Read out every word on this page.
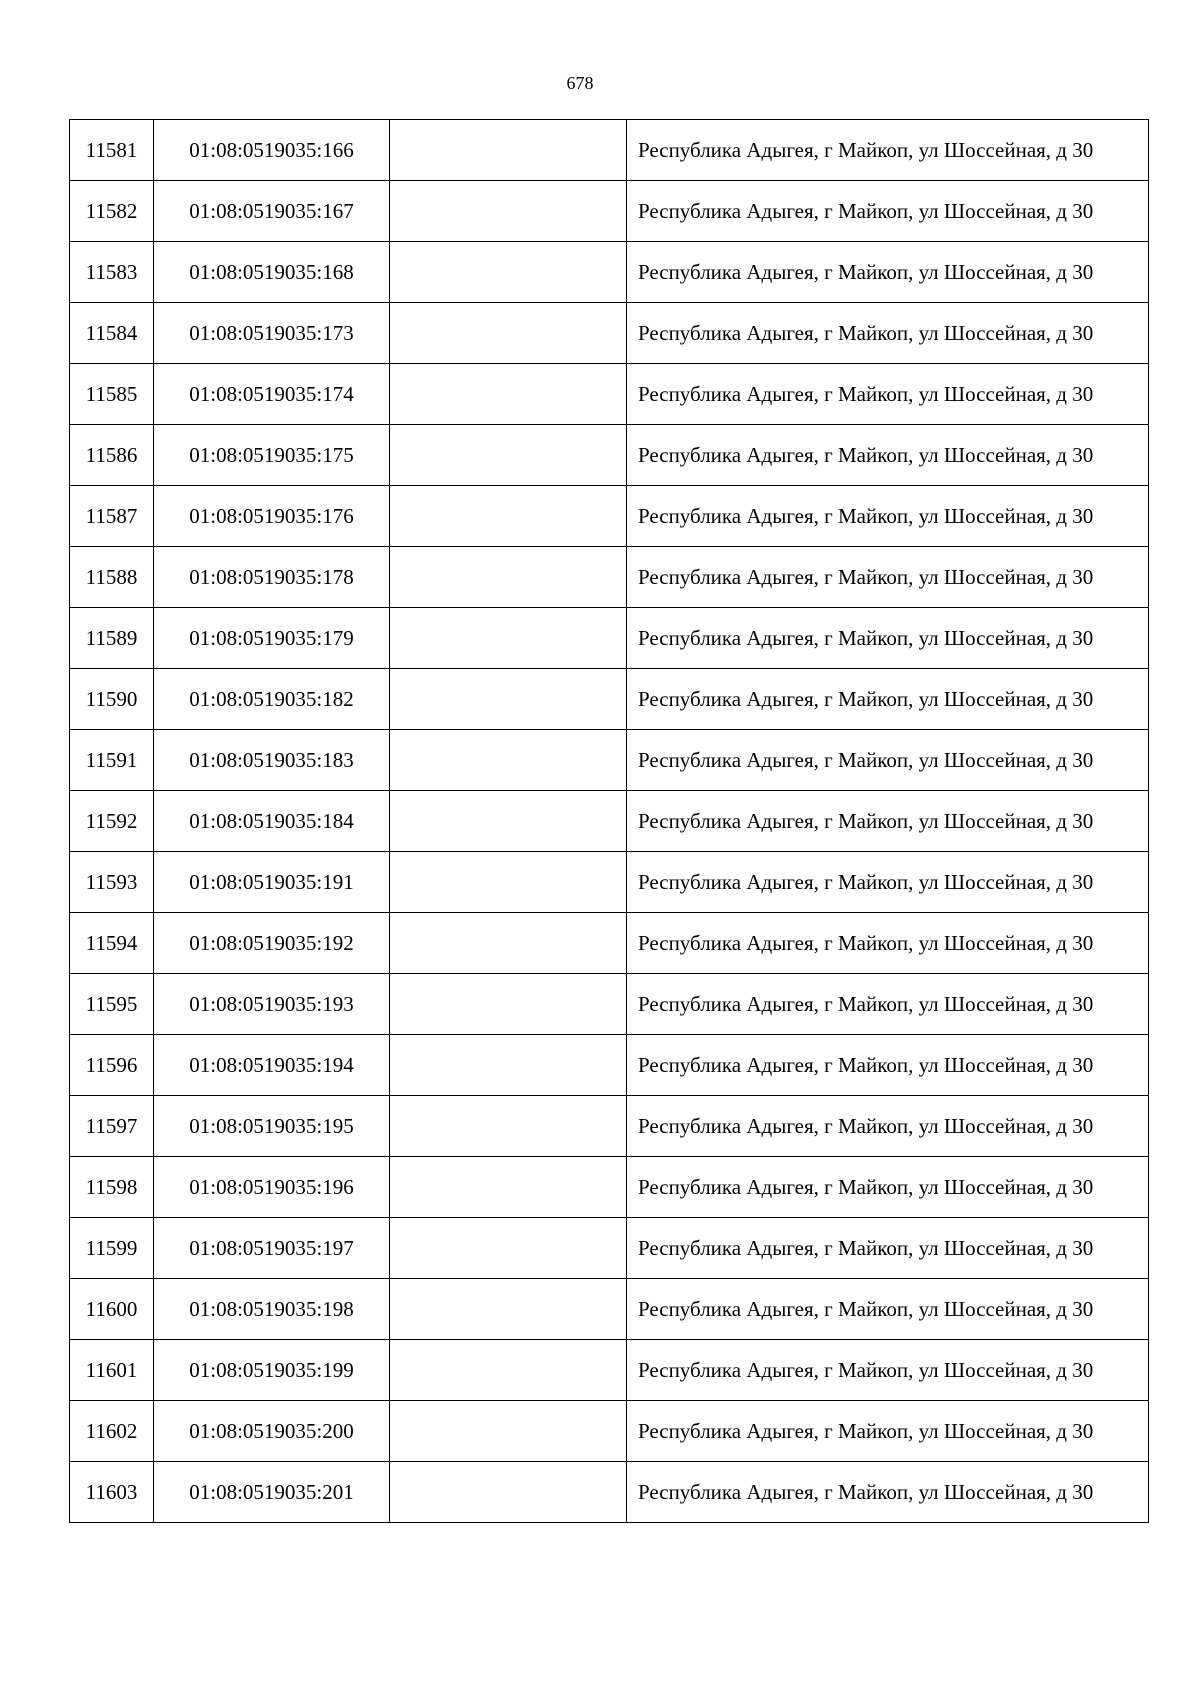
678
11581	01:08:0519035:166		Республика Адыгея, г Майкоп, ул Шоссейная, д 30
11582	01:08:0519035:167		Республика Адыгея, г Майкоп, ул Шоссейная, д 30
11583	01:08:0519035:168		Республика Адыгея, г Майкоп, ул Шоссейная, д 30
11584	01:08:0519035:173		Республика Адыгея, г Майкоп, ул Шоссейная, д 30
11585	01:08:0519035:174		Республика Адыгея, г Майкоп, ул Шоссейная, д 30
11586	01:08:0519035:175		Республика Адыгея, г Майкоп, ул Шоссейная, д 30
11587	01:08:0519035:176		Республика Адыгея, г Майкоп, ул Шоссейная, д 30
11588	01:08:0519035:178		Республика Адыгея, г Майкоп, ул Шоссейная, д 30
11589	01:08:0519035:179		Республика Адыгея, г Майкоп, ул Шоссейная, д 30
11590	01:08:0519035:182		Республика Адыгея, г Майкоп, ул Шоссейная, д 30
11591	01:08:0519035:183		Республика Адыгея, г Майкоп, ул Шоссейная, д 30
11592	01:08:0519035:184		Республика Адыгея, г Майкоп, ул Шоссейная, д 30
11593	01:08:0519035:191		Республика Адыгея, г Майкоп, ул Шоссейная, д 30
11594	01:08:0519035:192		Республика Адыгея, г Майкоп, ул Шоссейная, д 30
11595	01:08:0519035:193		Республика Адыгея, г Майкоп, ул Шоссейная, д 30
11596	01:08:0519035:194		Республика Адыгея, г Майкоп, ул Шоссейная, д 30
11597	01:08:0519035:195		Республика Адыгея, г Майкоп, ул Шоссейная, д 30
11598	01:08:0519035:196		Республика Адыгея, г Майкоп, ул Шоссейная, д 30
11599	01:08:0519035:197		Республика Адыгея, г Майкоп, ул Шоссейная, д 30
11600	01:08:0519035:198		Республика Адыгея, г Майкоп, ул Шоссейная, д 30
11601	01:08:0519035:199		Республика Адыгея, г Майкоп, ул Шоссейная, д 30
11602	01:08:0519035:200		Республика Адыгея, г Майкоп, ул Шоссейная, д 30
11603	01:08:0519035:201		Республика Адыгея, г Майкоп, ул Шоссейная, д 30
